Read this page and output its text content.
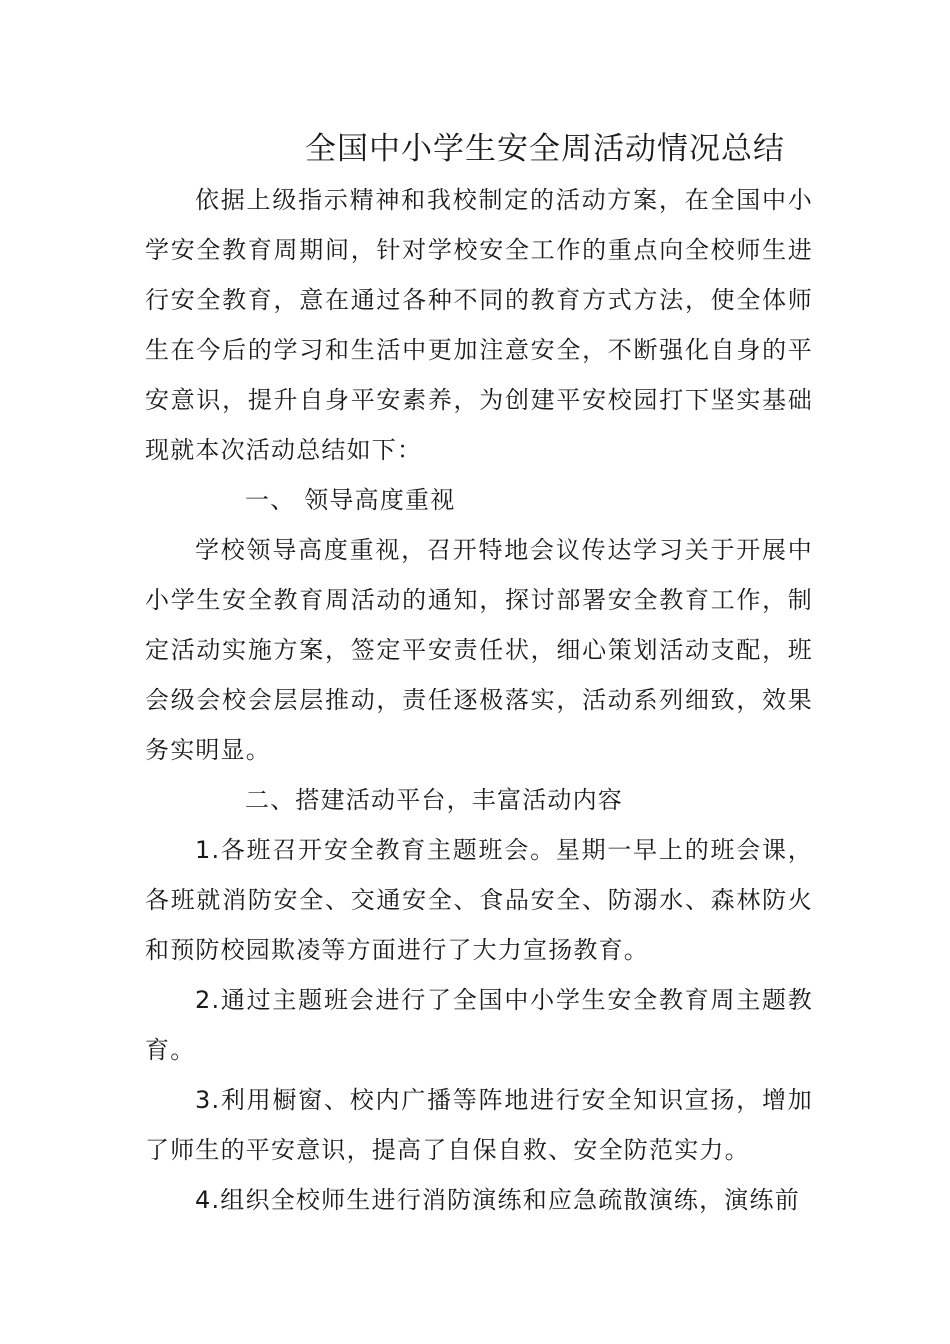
全国中小学生安全周活动情况总结

依据上级指示精神和我校制定的活动方案，在全国中小学安全教育周期间，针对学校安全工作的重点向全校师生进行安全教育，意在通过各种不同的教育方式方法，使全体师生在今后的学习和生活中更加注意安全，不断强化自身的平安意识，提升自身平安素养，为创建平安校园打下坚实基础现就本次活动总结如下：

一、 领导高度重视

学校领导高度重视，召开特地会议传达学习关于开展中小学生安全教育周活动的通知，探讨部署安全教育工作，制定活动实施方案，签定平安责任状，细心策划活动支配，班会级会校会层层推动，责任逐极落实，活动系列细致，效果务实明显。

二、搭建活动平台，丰富活动内容

1.各班召开安全教育主题班会。星期一早上的班会课，各班就消防安全、交通安全、食品安全、防溺水、森林防火和预防校园欺凌等方面进行了大力宣扬教育。

2.通过主题班会进行了全国中小学生安全教育周主题教育。

3.利用橱窗、校内广播等阵地进行安全知识宣扬，增加了师生的平安意识，提高了自保自救、安全防范实力。

4.组织全校师生进行消防演练和应急疏散演练，演练前
